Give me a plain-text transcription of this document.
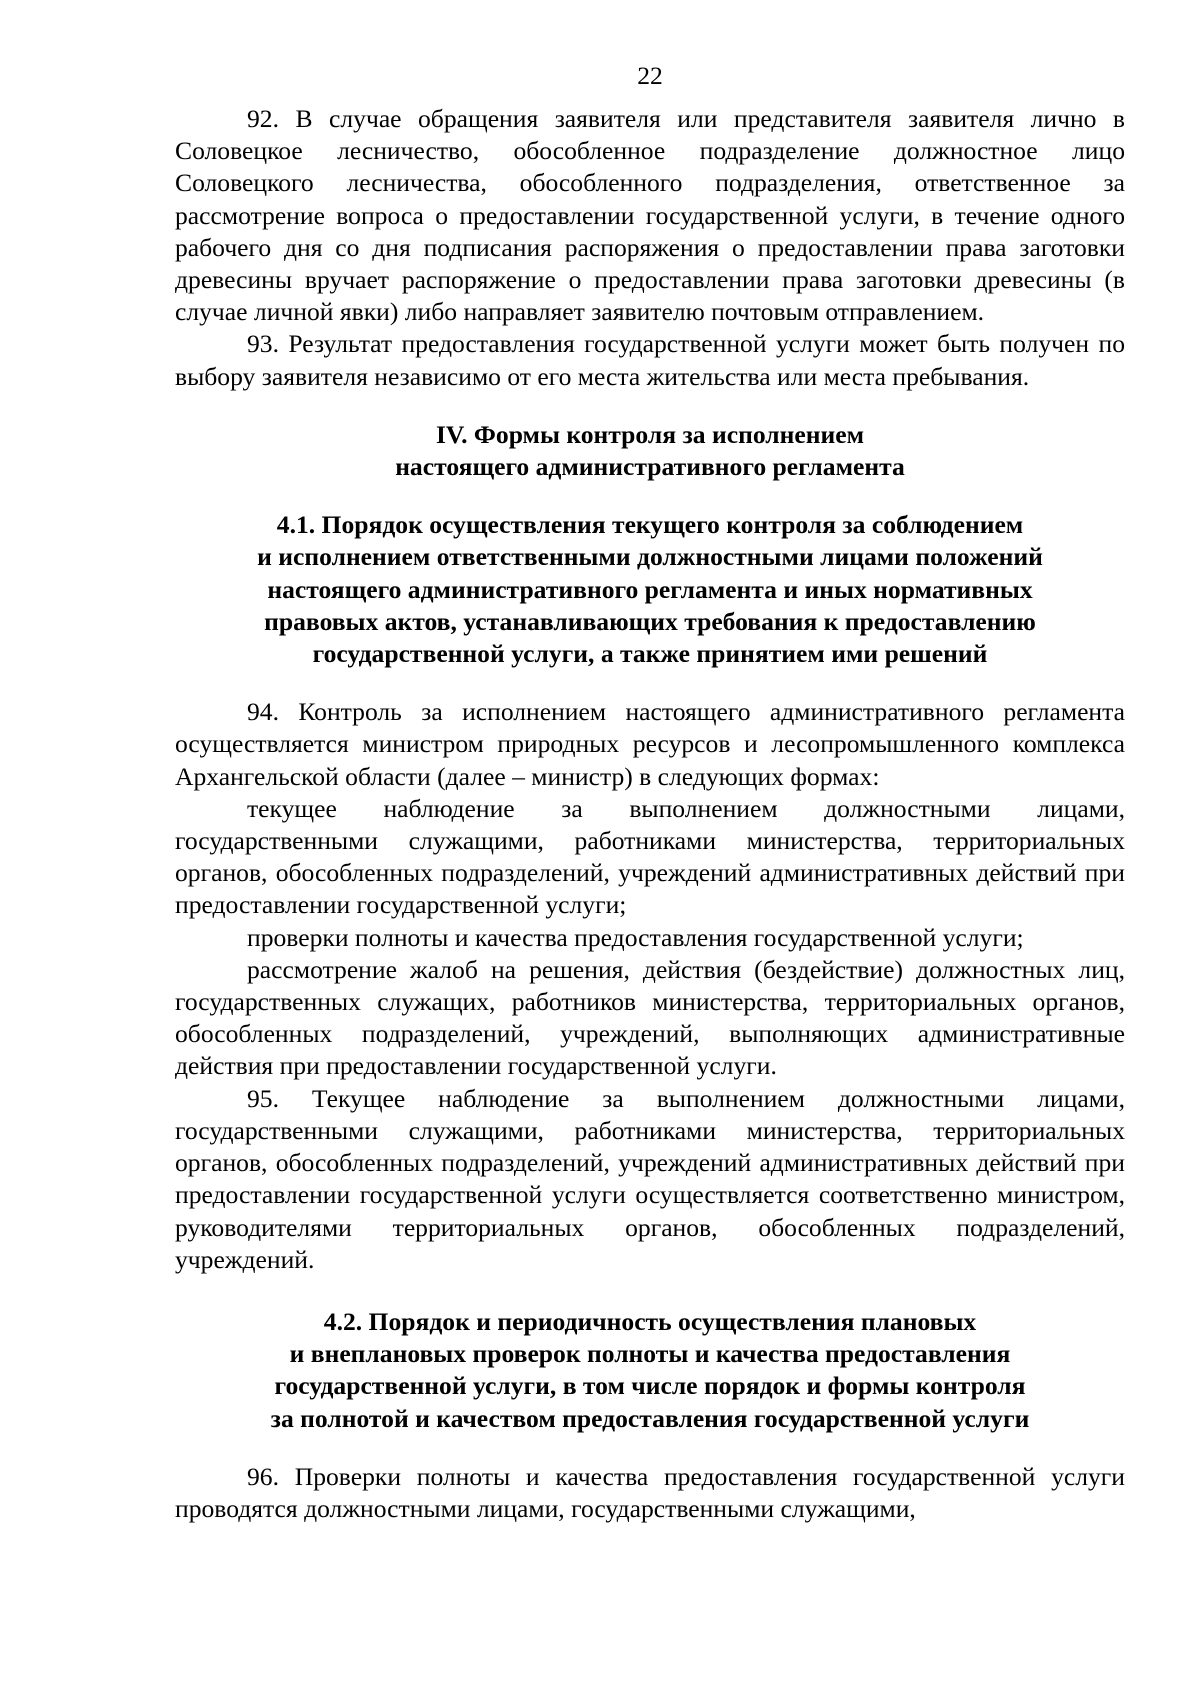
22

92. В случае обращения заявителя или представителя заявителя лично в Соловецкое лесничество, обособленное подразделение должностное лицо Соловецкого лесничества, обособленного подразделения, ответственное за рассмотрение вопроса о предоставлении государственной услуги, в течение одного рабочего дня со дня подписания распоряжения о предоставлении права заготовки древесины вручает распоряжение о предоставлении права заготовки древесины (в случае личной явки) либо направляет заявителю почтовым отправлением.

93. Результат предоставления государственной услуги может быть получен по выбору заявителя независимо от его места жительства или места пребывания.

IV. Формы контроля за исполнением
настоящего административного регламента
4.1. Порядок осуществления текущего контроля за соблюдением
и исполнением ответственными должностными лицами положений
настоящего административного регламента и иных нормативных
правовых актов, устанавливающих требования к предоставлению
государственной услуги, а также принятием ими решений

94. Контроль за исполнением настоящего административного регламента осуществляется министром природных ресурсов и лесопромышленного комплекса Архангельской области (далее – министр) в следующих формах:

текущее наблюдение за выполнением должностными лицами, государственными служащими, работниками министерства, территориальных органов, обособленных подразделений, учреждений административных действий при предоставлении государственной услуги;

проверки полноты и качества предоставления государственной услуги;

рассмотрение жалоб на решения, действия (бездействие) должностных лиц, государственных служащих, работников министерства, территориальных органов, обособленных подразделений, учреждений, выполняющих административные действия при предоставлении государственной услуги.

95. Текущее наблюдение за выполнением должностными лицами, государственными служащими, работниками министерства, территориальных органов, обособленных подразделений, учреждений административных действий при предоставлении государственной услуги осуществляется соответственно министром, руководителями территориальных органов, обособленных подразделений, учреждений.

4.2. Порядок и периодичность осуществления плановых
и внеплановых проверок полноты и качества предоставления
государственной услуги, в том числе порядок и формы контроля
за полнотой и качеством предоставления государственной услуги

96. Проверки полноты и качества предоставления государственной услуги проводятся должностными лицами, государственными служащими,
